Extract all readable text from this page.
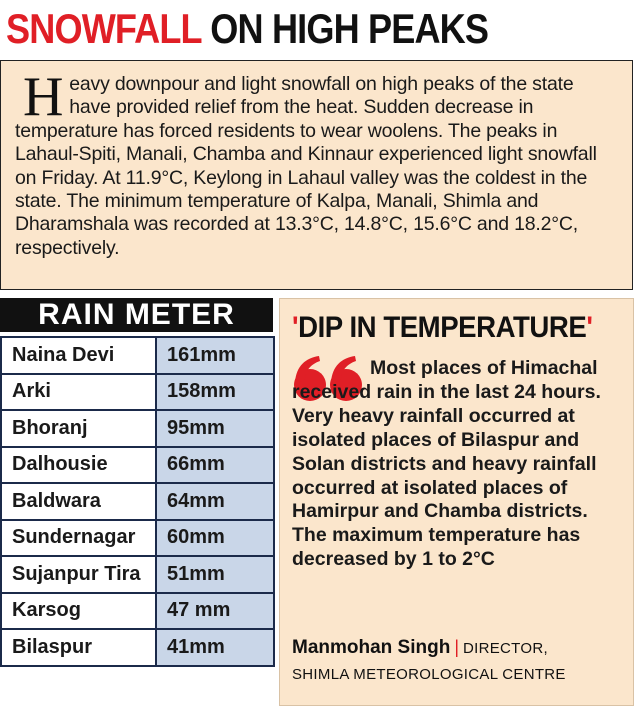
SNOWFALL ON HIGH PEAKS
H eavy downpour and light snowfall on high peaks of the state have provided relief from the heat. Sudden decrease in temperature has forced residents to wear woolens. The peaks in Lahaul-Spiti, Manali, Chamba and Kinnaur experienced light snowfall on Friday. At 11.9°C, Keylong in Lahaul valley was the coldest in the state. The minimum temperature of Kalpa, Manali, Shimla and Dharamshala was recorded at 13.3°C, 14.8°C, 15.6°C and 18.2°C, respectively.
RAIN METER
Naina Devi	161mm
Arki	158mm
Bhoranj	95mm
Dalhousie	66mm
Baldwara	64mm
Sundernagar	60mm
Sujanpur Tira	51mm
Karsog	47 mm
Bilaspur	41mm
'DIP IN TEMPERATURE'
Most places of Himachal received rain in the last 24 hours. Very heavy rainfall occurred at isolated places of Bilaspur and Solan districts and heavy rainfall occurred at isolated places of Hamirpur and Chamba districts. The maximum temperature has decreased by 1 to 2°C
Manmohan Singh | DIRECTOR,
SHIMLA METEOROLOGICAL CENTRE
